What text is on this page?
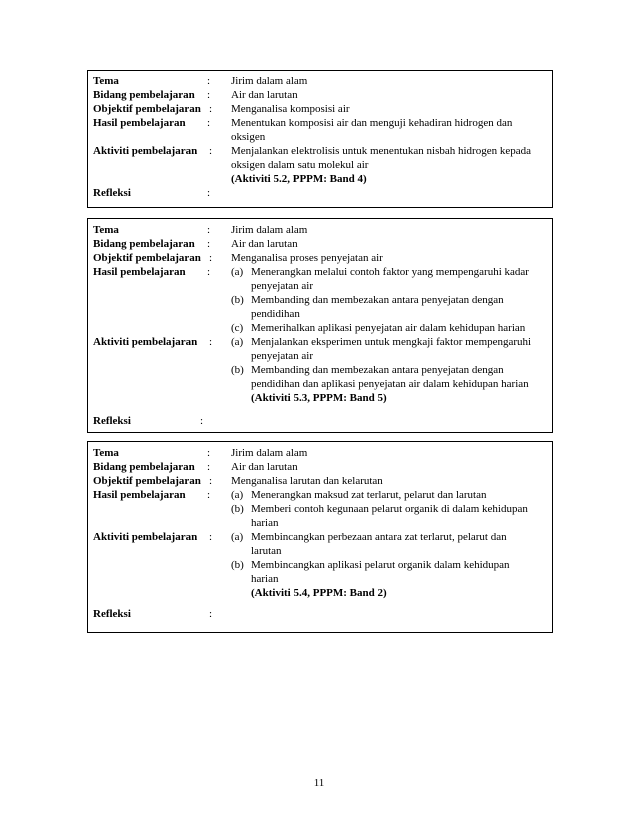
Tema	: Jirim dalam alam
Bidang pembelajaran : Air dan larutan
Objektif pembelajaran : Menganalisa komposisi air
Hasil pembelajaran : Menentukan komposisi air dan menguji kehadiran hidrogen dan
oksigen
Aktiviti pembelajaran : Menjalankan elektrolisis untuk menentukan nisbah hidrogen kepada
oksigen dalam satu molekul air
(Aktiviti 5.2, PPPM: Band 4)
Refleksi	:
Tema	: Jirim dalam alam
Bidang pembelajaran : Air dan larutan
Objektif pembelajaran : Menganalisa proses penyejatan air
Hasil pembelajaran : (a) Menerangkan melalui contoh faktor yang mempengaruhi kadar
penyejatan air
(b) Membanding dan membezakan antara penyejatan dengan
pendidihan
(c) Memerihalkan aplikasi penyejatan air dalam kehidupan harian
Aktiviti pembelajaran : (a) Menjalankan eksperimen untuk mengkaji faktor mempengaruhi
penyejatan air
(b) Membanding dan membezakan antara penyejatan dengan
pendidihan dan aplikasi penyejatan air dalam kehidupan harian
(Aktiviti 5.3, PPPM: Band 5)
Refleksi	:
Tema	: Jirim dalam alam
Bidang pembelajaran : Air dan larutan
Objektif pembelajaran : Menganalisa larutan dan kelarutan
Hasil pembelajaran : (a) Menerangkan maksud zat terlarut, pelarut dan larutan
(b) Memberi contoh kegunaan pelarut organik di dalam kehidupan
harian
Aktiviti pembelajaran : (a) Membincangkan perbezaan antara zat terlarut, pelarut dan
larutan
(b) Membincangkan aplikasi pelarut organik dalam kehidupan
harian
(Aktiviti 5.4, PPPM: Band 2)
Refleksi	:
11
